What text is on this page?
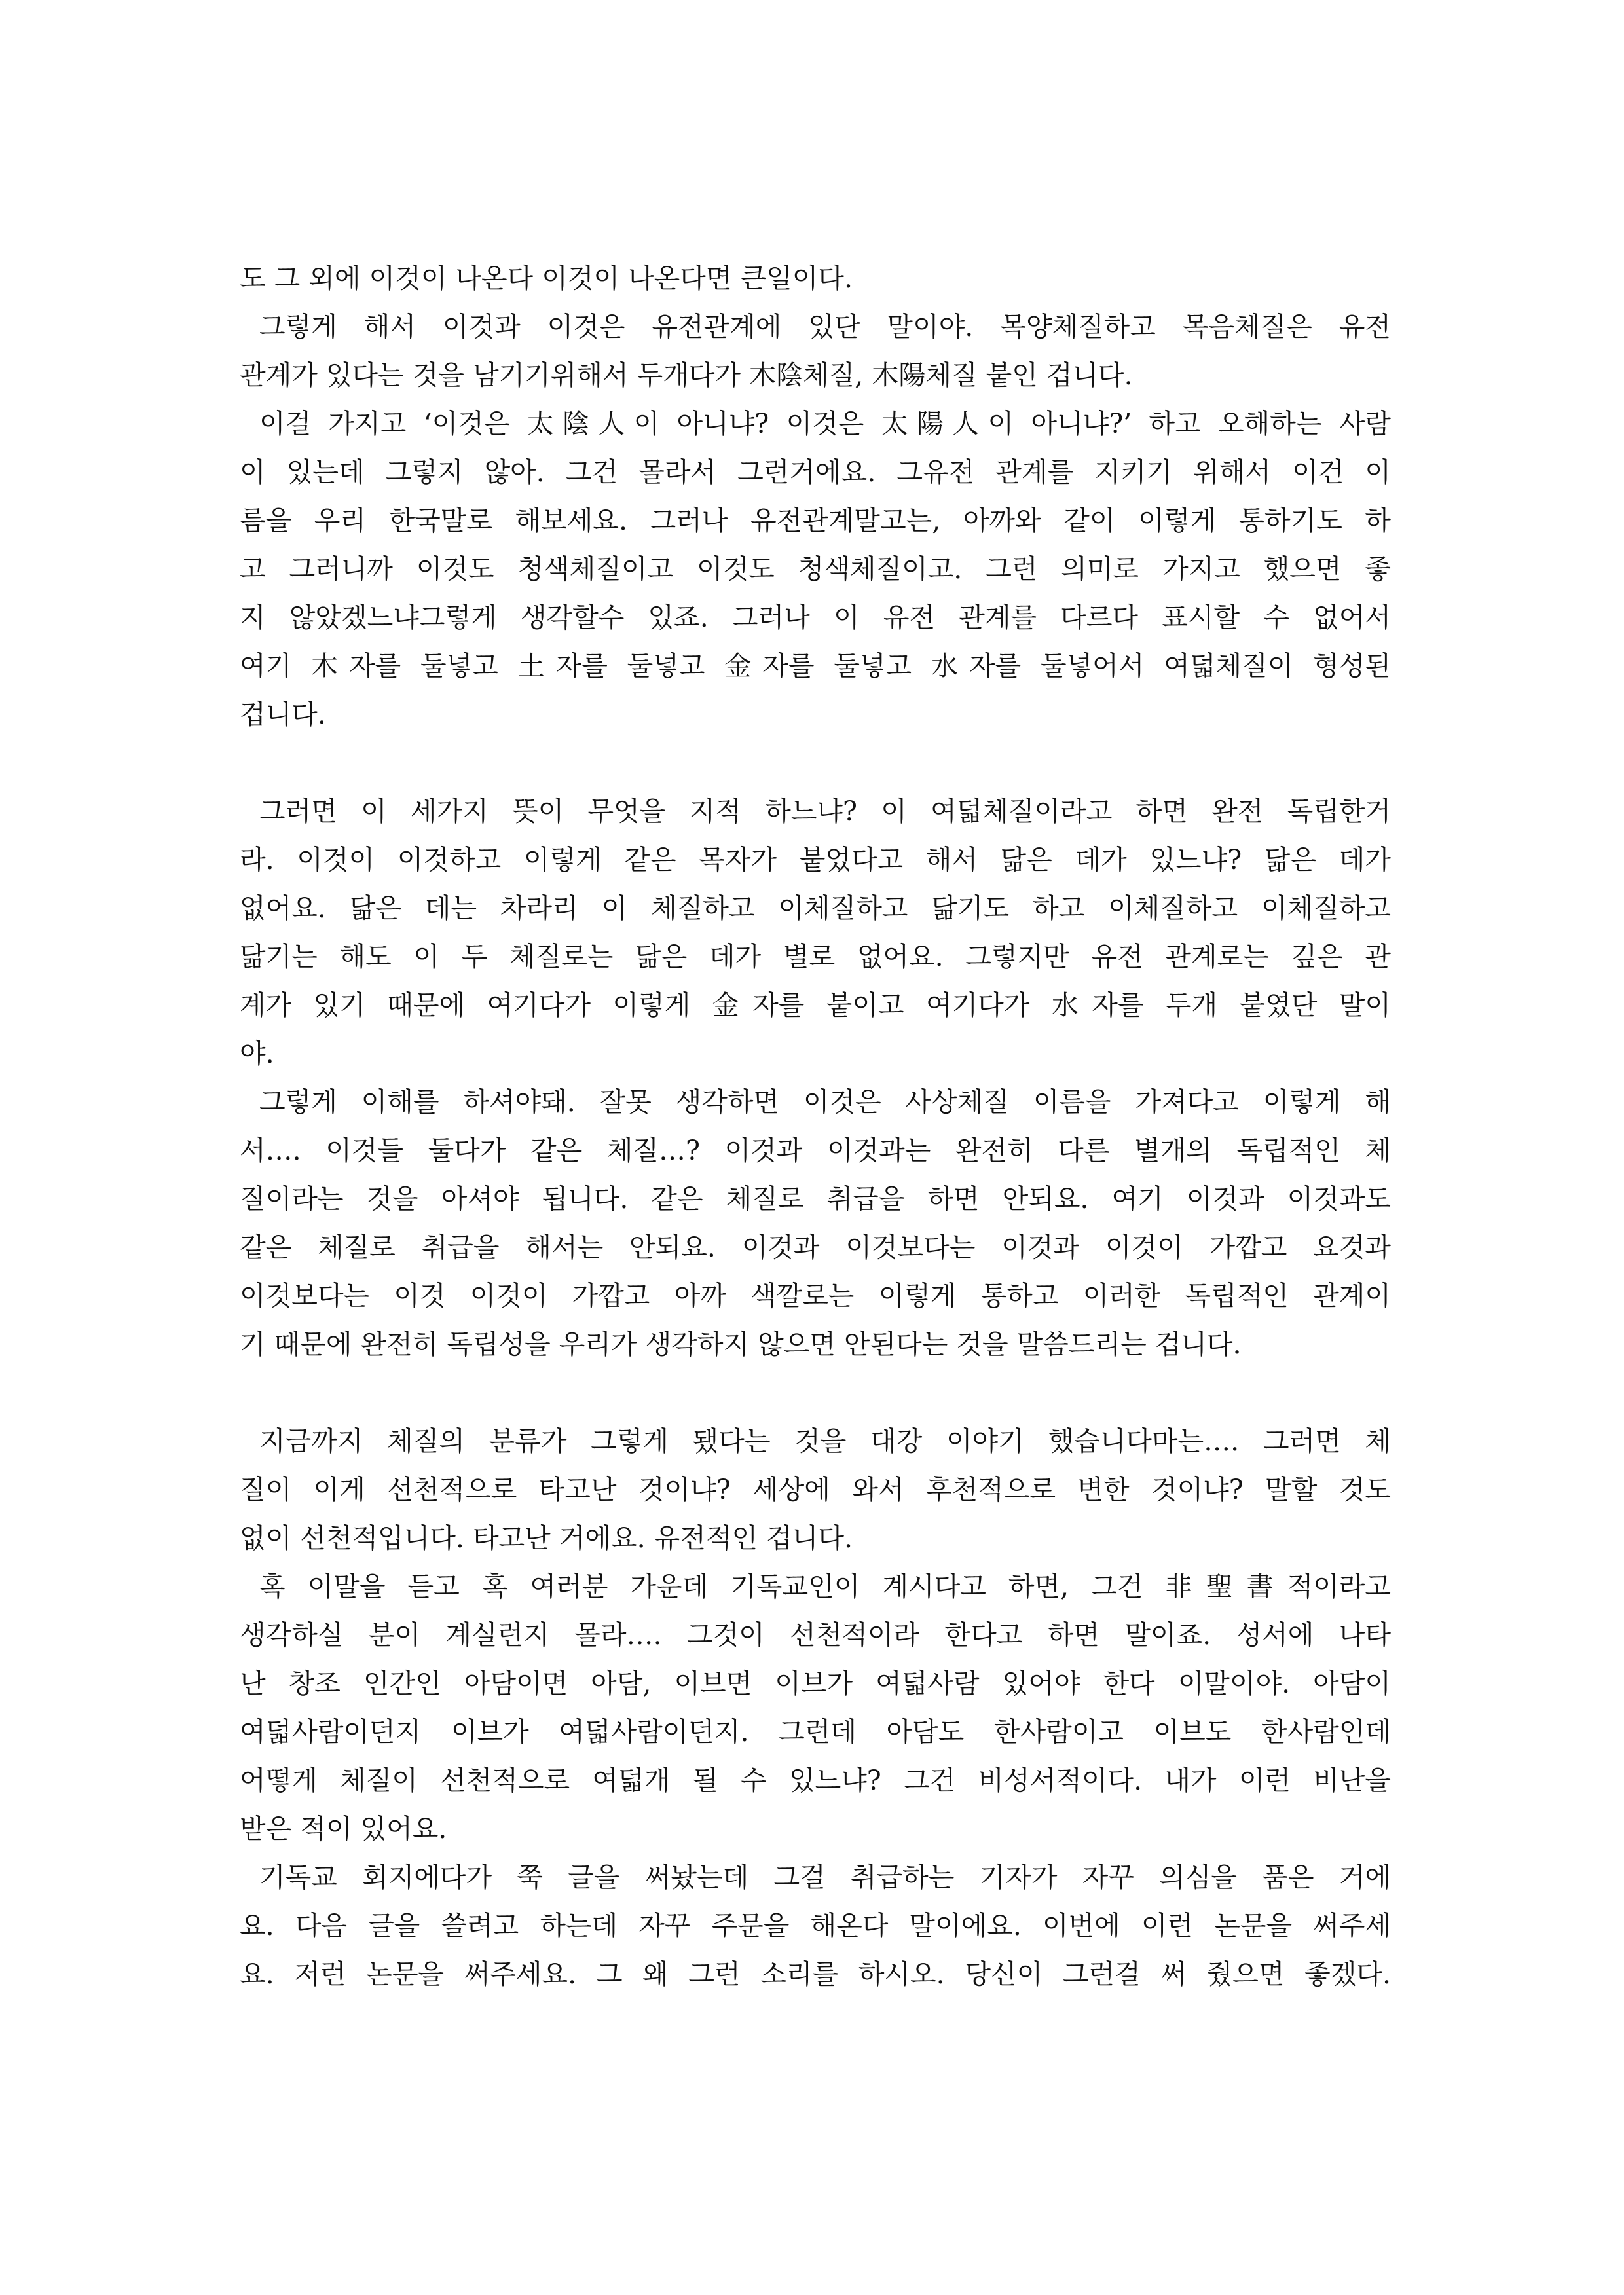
도 그 외에 이것이 나온다 이것이 나온다면 큰일이다.
그렇게 해서 이것과 이것은 유전관계에 있단 말이야. 목양체질하고 목음체질은 유전
관계가 있다는 것을 남기기위해서 두개다가 木陰체질, 木陽체질 붙인 겁니다.
이걸 가지고 ‘이것은 太陰人이 아니냐? 이것은 太陽人이 아니냐?’ 하고 오해하는 사람
이 있는데 그렇지 않아. 그건 몰라서 그런거에요. 그유전 관계를 지키기 위해서 이건 이
름을 우리 한국말로 해보세요. 그러나 유전관계말고는, 아까와 같이 이렇게 통하기도 하
고 그러니까 이것도 청색체질이고 이것도 청색체질이고. 그런 의미로 가지고 했으면 좋
지 않았겠느냐그렇게 생각할수 있죠. 그러나 이 유전 관계를 다르다 표시할 수 없어서
여기 木자를 둘넣고 土자를 둘넣고 金자를 둘넣고 水자를 둘넣어서 여덟체질이 형성된
겁니다.
그러면 이 세가지 뜻이 무엇을 지적 하느냐? 이 여덟체질이라고 하면 완전 독립한거
라. 이것이 이것하고 이렇게 같은 목자가 붙었다고 해서 닮은 데가 있느냐? 닮은 데가
없어요. 닮은 데는 차라리 이 체질하고 이체질하고 닮기도 하고 이체질하고 이체질하고
닮기는 해도 이 두 체질로는 닮은 데가 별로 없어요. 그렇지만 유전 관계로는 깊은 관
계가 있기 때문에 여기다가 이렇게 金자를 붙이고 여기다가 水자를 두개 붙였단 말이
야.
그렇게 이해를 하셔야돼. 잘못 생각하면 이것은 사상체질 이름을 가져다고 이렇게 해
서…. 이것들 둘다가 같은 체질…? 이것과 이것과는 완전히 다른 별개의 독립적인 체
질이라는 것을 아셔야 됩니다. 같은 체질로 취급을 하면 안되요. 여기 이것과 이것과도
같은 체질로 취급을 해서는 안되요. 이것과 이것보다는 이것과 이것이 가깝고 요것과
이것보다는 이것 이것이 가깝고 아까 색깔로는 이렇게 통하고 이러한 독립적인 관계이
기 때문에 완전히 독립성을 우리가 생각하지 않으면 안된다는 것을 말씀드리는 겁니다.
지금까지 체질의 분류가 그렇게 됐다는 것을 대강 이야기 했습니다마는…. 그러면 체
질이 이게 선천적으로 타고난 것이냐? 세상에 와서 후천적으로 변한 것이냐? 말할 것도
없이 선천적입니다. 타고난 거에요. 유전적인 겁니다.
혹 이말을 듣고 혹 여러분 가운데 기독교인이 계시다고 하면, 그건 非聖書적이라고
생각하실 분이 계실런지 몰라…. 그것이 선천적이라 한다고 하면 말이죠. 성서에 나타
난 창조 인간인 아담이면 아담, 이브면 이브가 여덟사람 있어야 한다 이말이야. 아담이
여덟사람이던지 이브가 여덟사람이던지. 그런데 아담도 한사람이고 이브도 한사람인데
어떻게 체질이 선천적으로 여덟개 될 수 있느냐? 그건 비성서적이다. 내가 이런 비난을
받은 적이 있어요.
기독교 회지에다가 쭉 글을 써놨는데 그걸 취급하는 기자가 자꾸 의심을 품은 거에
요. 다음 글을 쓸려고 하는데 자꾸 주문을 해온다 말이에요. 이번에 이런 논문을 써주세
요. 저런 논문을 써주세요. 그 왜 그런 소리를 하시오. 당신이 그런걸 써 줬으면 좋겠다.
